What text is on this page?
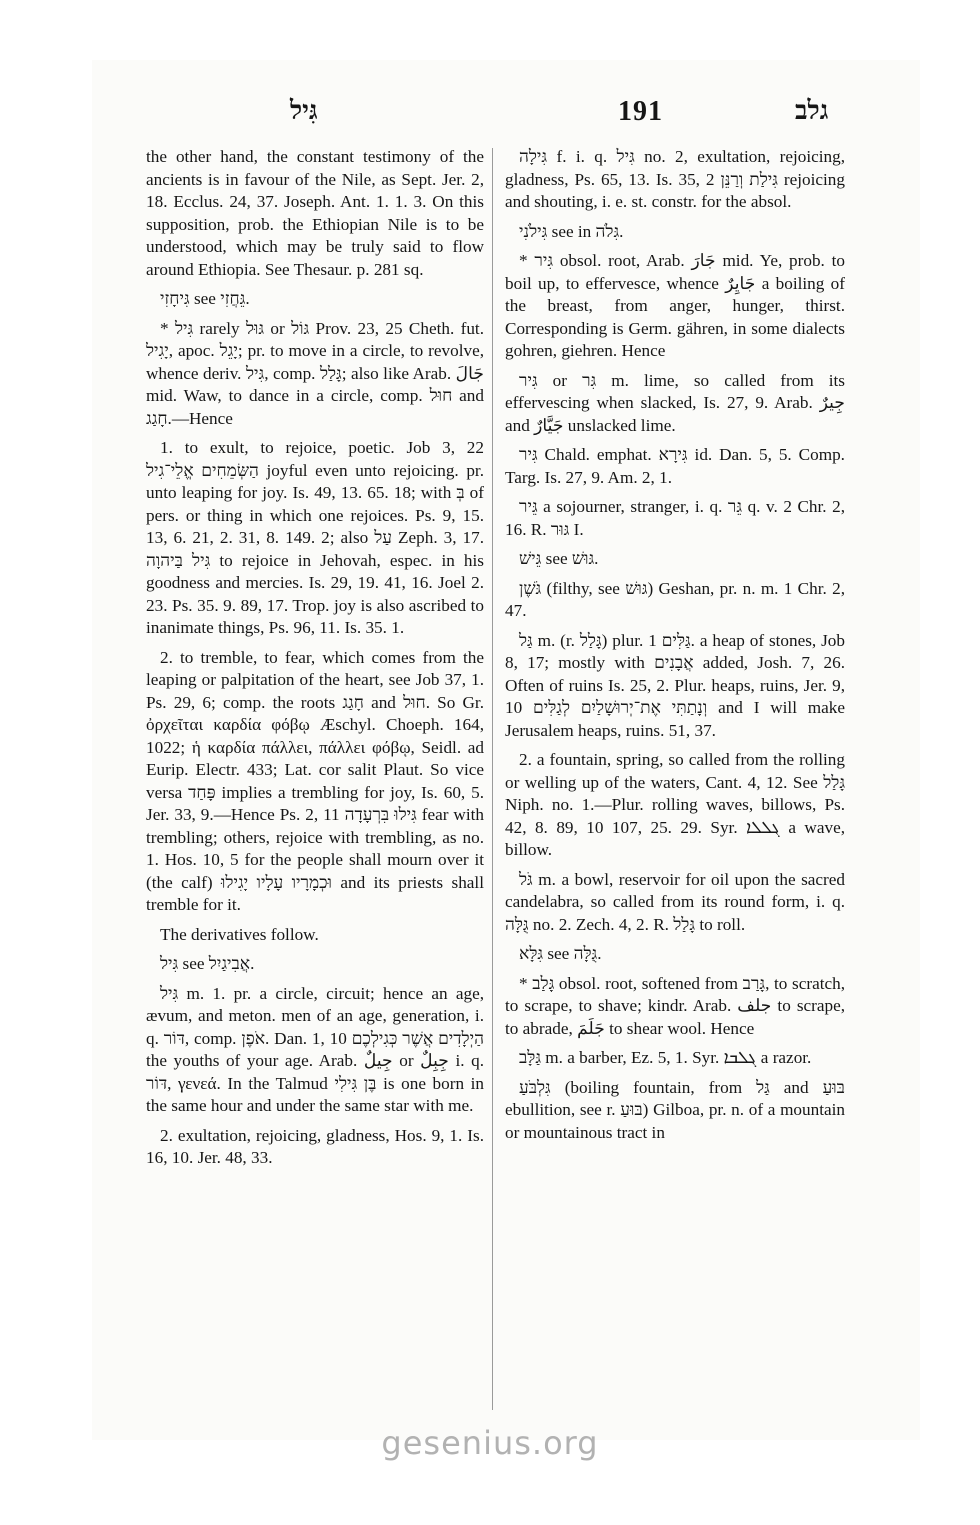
גִּיל	191	גלב

the other hand, the constant testimony of the ancients is in favour of the Nile, as Sept. Jer. 2, 18. Ecclus. 24, 37. Joseph. Ant. 1. 1. 3. On this supposition, prob. the Ethiopian Nile is to be understood, which may be truly said to flow around Ethiopia. See Thesaur. p. 281 sq.

גִּיחָזִי see גֵּחֲזִי.

* גִּיל rarely גּוּל or גּוֹל Prov. 23, 25 Cheth. fut. יָגִיל, apoc. יָגֵל; pr. to move in a circle, to revolve, whence deriv. גִּיל, comp. גָּלַל; also like Arab. جَالَ mid. Waw, to dance in a circle, comp. חוּל and חָגַג.—Hence

1. to exult, to rejoice, poetic. Job 3, 22 הַשְּׂמֵחִים אֱלֵי־גִיל joyful even unto rejoicing. pr. unto leaping for joy. Is. 49, 13. 65. 18; with בְּ of pers. or thing in which one rejoices. Ps. 9, 15. 13, 6. 21, 2. 31, 8. 149. 2; also עַל Zeph. 3, 17. גִּיל בַּיהוָה to rejoice in Jehovah, espec. in his goodness and mercies. Is. 29, 19. 41, 16. Joel 2. 23. Ps. 35. 9. 89, 17. Trop. joy is also ascribed to inanimate things, Ps. 96, 11. Is. 35. 1.

2. to tremble, to fear, which comes from the leaping or palpitation of the heart, see Job 37, 1. Ps. 29, 6; comp. the roots חָגַג and חוּל. So Gr. ὀρχεῖται καρδία φόβῳ Æschyl. Choeph. 164, 1022; ἡ καρδία πάλλει, πάλλει φόβῳ, Seidl. ad Eurip. Electr. 433; Lat. cor salit Plaut. So vice versa פָּחַד implies a trembling for joy, Is. 60, 5. Jer. 33, 9.—Hence Ps. 2, 11 גִּילוּ בִּרְעָדָה fear with trembling; others, rejoice with trembling, as no. 1. Hos. 10, 5 for the people shall mourn over it (the calf) וּכְמָרָיו עָלָיו יָגִילוּ and its priests shall tremble for it.

The derivatives follow.

גִּיל see אֲבִיגַיִל.

גִּיל m. 1. pr. a circle, circuit; hence an age, ævum, and meton. men of an age, generation, i. q. דּוֹר, comp. אֹפֶן. Dan. 1, 10 הַיְלָדִים אֲשֶׁר כְּגִילְכֶם the youths of your age. Arab. جِيلٌ or جِبِلٌ i. q. דּוֹר, γενεά. In the Talmud בֶּן גִּילִי is one born in the same hour and under the same star with me.

2. exultation, rejoicing, gladness, Hos. 9, 1. Is. 16, 10. Jer. 48, 33.

גִּילָה f. i. q. גִּיל no. 2, exultation, rejoicing, gladness, Ps. 65, 13. Is. 35, 2 גִּילַת וְרַנֵּן rejoicing and shouting, i. e. st. constr. for the absol.

גִּילֹנִי see in גִּלֹה.

* גִּיר obsol. root, Arab. جَارَ mid. Ye, prob. to boil up, to effervesce, whence جَايِرٌ a boiling of the breast, from anger, hunger, thirst. Corresponding is Germ. gähren, in some dialects gohren, giehren. Hence

גִּיר or גִּר m. lime, so called from its effervescing when slacked, Is. 27, 9. Arab. جِيرٌ and جَيَّارٌ unslacked lime.

גִּיר Chald. emphat. גִּירָא id. Dan. 5, 5. Comp. Targ. Is. 27, 9. Am. 2, 1.

גֵּיר a sojourner, stranger, i. q. גֵּר q. v. 2 Chr. 2, 16. R. גּוּר I.

גֵּישׁ see גּוּשׁ.

גֹּשֶׁן (filthy, see גּוּשׁ) Geshan, pr. n. m. 1 Chr. 2, 47.

גַּל m. (r. גָּלַל) plur. גַּלִּים 1. a heap of stones, Job 8, 17; mostly with אֲבָנִים added, Josh. 7, 26. Often of ruins Is. 25, 2. Plur. heaps, ruins, Jer. 9, 10 וְנָתַתִּי אֶת־יְרוּשָׁלַיִם לְגַלִּים and I will make Jerusalem heaps, ruins. 51, 37.

2. a fountain, spring, so called from the rolling or welling up of the waters, Cant. 4, 12. See גָּלַל Niph. no. 1.—Plur. rolling waves, billows, Ps. 42, 8. 89, 10 107, 25. 29. Syr. ܓܠܠܐ a wave, billow.

גֹּל m. a bowl, reservoir for oil upon the sacred candelabra, so called from its round form, i. q. גֻּלָּה no. 2. Zech. 4, 2. R. גָּלַל to roll.

גִּלָּא see גֻּלָּה.

* גָּלַב obsol. root, softened from גָּרַב, to scratch, to scrape, to shave; kindr. Arab. جلف to scrape, to abrade, جَلَمَ to shear wool. Hence

גַּלָּב m. a barber, Ez. 5, 1. Syr. ܓܠܒܐ a razor.

גִּלְבֹּעַ (boiling fountain, from גַּל and בּוּעַ ebullition, see r. בּוּעַ) Gilboa, pr. n. of a mountain or mountainous tract in

gesenius.org
